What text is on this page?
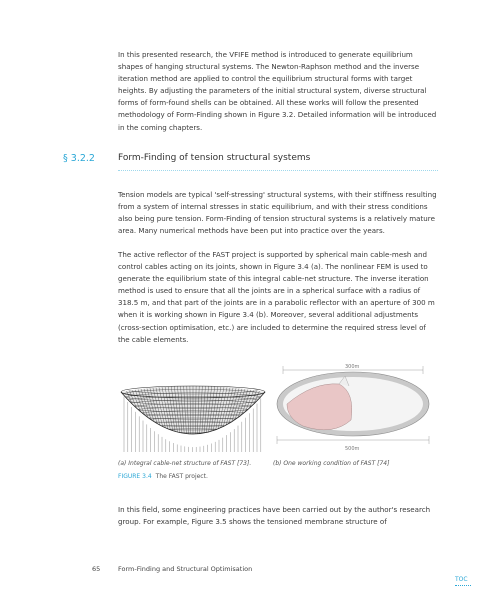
In this presented research, the VFIFE method is introduced to generate equilibrium shapes of hanging structural systems. The Newton-Raphson method and the inverse iteration method are applied to control the equilibrium structural forms with target heights. By adjusting the parameters of the initial structural system, diverse structural forms of form-found shells can be obtained. All these works will follow the presented methodology of Form-Finding shown in Figure 3.2. Detailed information will be introduced in the coming chapters.

§ 3.2.2	Form-Finding of tension structural systems

Tension models are typical 'self-stressing' structural systems, with their stiffness resulting from a system of internal stresses in static equilibrium, and with their stress conditions also being pure tension. Form-Finding of tension structural systems is a relatively mature area. Many numerical methods have been put into practice over the years.

The active reflector of the FAST project is supported by spherical main cable-mesh and control cables acting on its joints, shown in Figure 3.4 (a). The nonlinear FEM is used to generate the equilibrium state of this integral cable-net structure. The inverse iteration method is used to ensure that all the joints are in a spherical surface with a radius of 318.5 m, and that part of the joints are in a parabolic reflector with an aperture of 300 m when it is working shown in Figure 3.4 (b). Moreover, several additional adjustments (cross-section optimisation, etc.) are included to determine the required stress level of the cable elements.

300m
500m
(a) Integral cable-net structure of FAST [73].	(b) One working condition of FAST [74]
FIGURE 3.4 The FAST project.

In this field, some engineering practices have been carried out by the author's research group. For example, Figure 3.5 shows the tensioned membrane structure of

65	Form-Finding and Structural Optimisation
TOC
